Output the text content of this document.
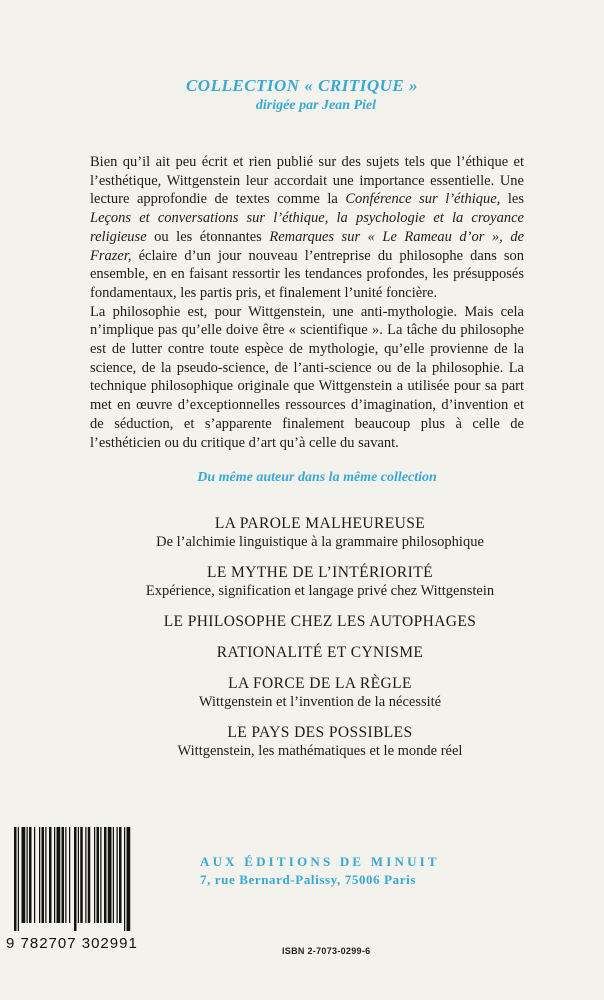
COLLECTION « CRITIQUE »
dirigée par Jean Piel

Bien qu’il ait peu écrit et rien publié sur des sujets tels que l’éthique et l’esthétique, Wittgenstein leur accordait une importance essentielle. Une lecture approfondie de textes comme la Conférence sur l’éthique, les Leçons et conversations sur l’éthique, la psychologie et la croyance religieuse ou les étonnantes Remarques sur « Le Rameau d’or », de Frazer, éclaire d’un jour nouveau l’entreprise du philosophe dans son ensemble, en en faisant ressortir les tendances profondes, les présupposés fondamentaux, les partis pris, et finalement l’unité foncière.

La philosophie est, pour Wittgenstein, une anti-mythologie. Mais cela n’implique pas qu’elle doive être « scientifique ». La tâche du philosophe est de lutter contre toute espèce de mythologie, qu’elle provienne de la science, de la pseudo-science, de l’anti-science ou de la philosophie. La technique philosophique originale que Wittgenstein a utilisée pour sa part met en œuvre d’exceptionnelles ressources d’imagination, d’invention et de séduction, et s’apparente finalement beaucoup plus à celle de l’esthéticien ou du critique d’art qu’à celle du savant.

Du même auteur dans la même collection
LA PAROLE MALHEUREUSE
De l’alchimie linguistique à la grammaire philosophique
LE MYTHE DE L’INTÉRIORITÉ
Expérience, signification et langage privé chez Wittgenstein
LE PHILOSOPHE CHEZ LES AUTOPHAGES
RATIONALITÉ ET CYNISME
LA FORCE DE LA RÈGLE
Wittgenstein et l’invention de la nécessité
LE PAYS DES POSSIBLES
Wittgenstein, les mathématiques et le monde réel
9 782707 302991
AUX ÉDITIONS DE MINUIT
7, rue Bernard-Palissy, 75006 Paris
ISBN 2-7073-0299-6
